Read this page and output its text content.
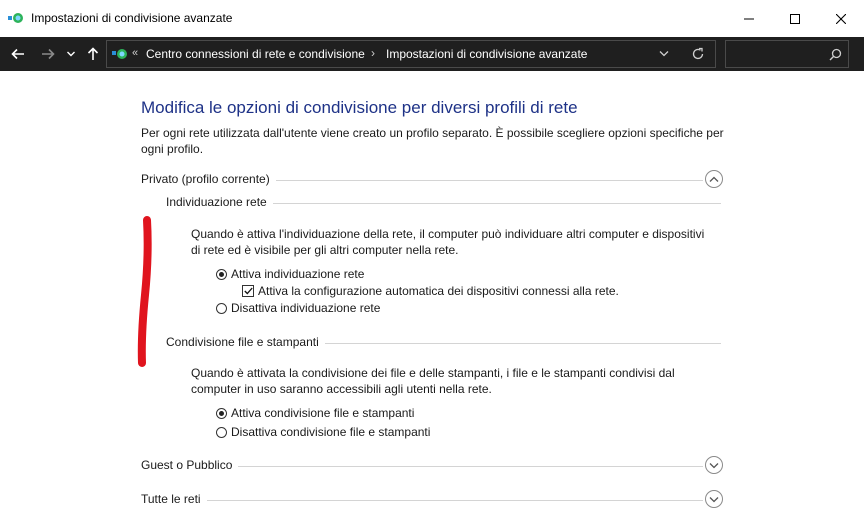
Impostazioni di condivisione avanzate
« Centro connessioni di rete e condivisione › Impostazioni di condivisione avanzate
Modifica le opzioni di condivisione per diversi profili di rete
Per ogni rete utilizzata dall'utente viene creato un profilo separato. È possibile scegliere opzioni specifiche per ogni profilo.
Privato (profilo corrente)
Individuazione rete
Quando è attiva l'individuazione della rete, il computer può individuare altri computer e dispositivi di rete ed è visibile per gli altri computer nella rete.
Attiva individuazione rete
Attiva la configurazione automatica dei dispositivi connessi alla rete.
Disattiva individuazione rete
Condivisione file e stampanti
Quando è attivata la condivisione dei file e delle stampanti, i file e le stampanti condivisi dal computer in uso saranno accessibili agli utenti nella rete.
Attiva condivisione file e stampanti
Disattiva condivisione file e stampanti
Guest o Pubblico
Tutte le reti
